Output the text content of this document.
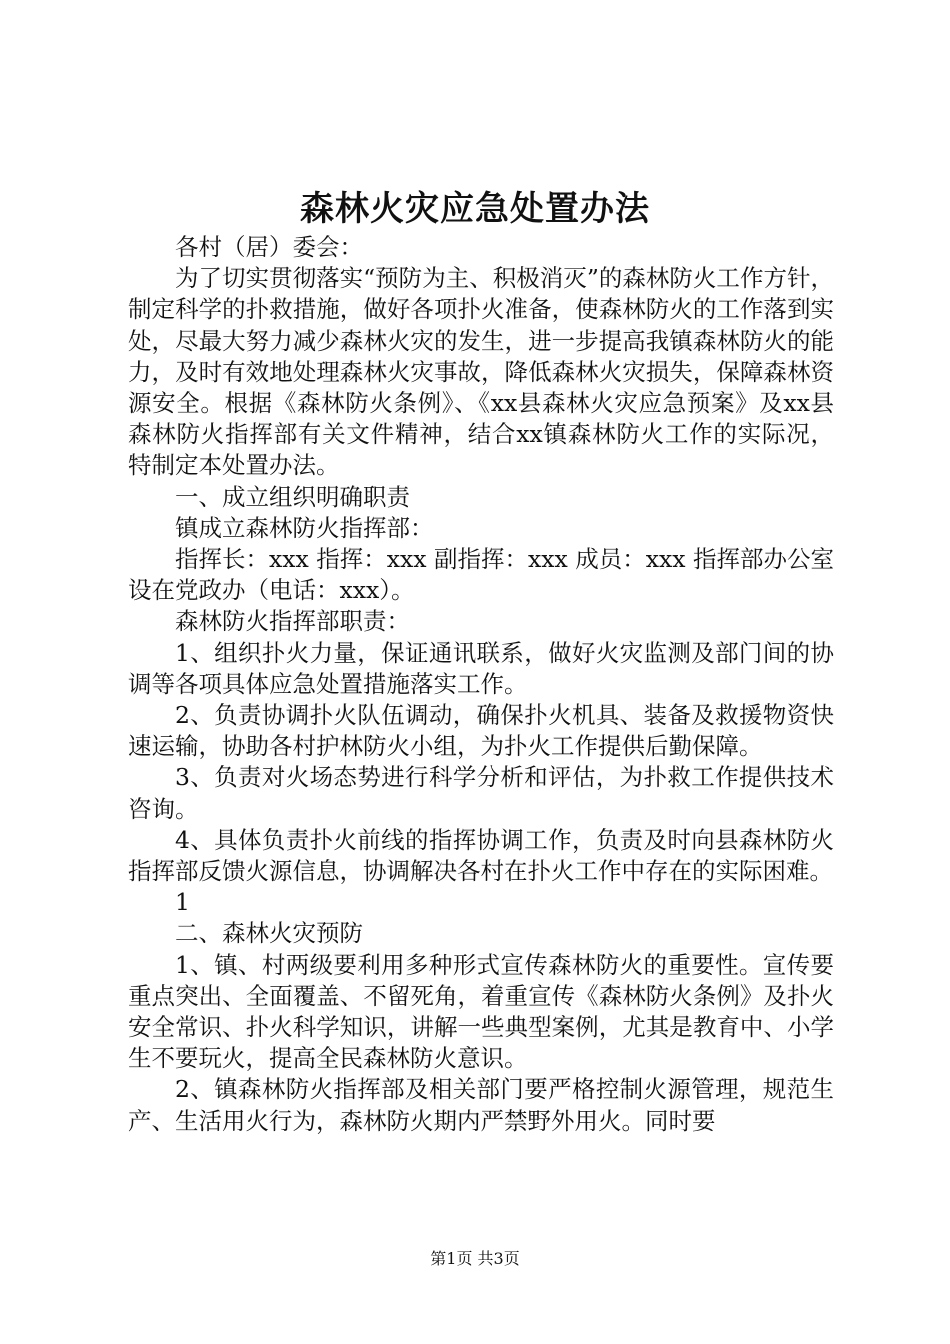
森林火灾应急处置办法

各村（居）委会：

为了切实贯彻落实“预防为主、积极消灭”的森林防火工作方针，制定科学的扑救措施，做好各项扑火准备，使森林防火的工作落到实处，尽最大努力减少森林火灾的发生，进一步提高我镇森林防火的能力，及时有效地处理森林火灾事故，降低森林火灾损失，保障森林资源安全。根据《森林防火条例》、《xx县森林火灾应急预案》及xx县森林防火指挥部有关文件精神，结合xx镇森林防火工作的实际况，特制定本处置办法。

一、成立组织明确职责

镇成立森林防火指挥部：

指挥长：xxx 指挥：xxx 副指挥：xxx 成员：xxx 指挥部办公室设在党政办（电话：xxx）。

森林防火指挥部职责：

1、组织扑火力量，保证通讯联系，做好火灾监测及部门间的协调等各项具体应急处置措施落实工作。

2、负责协调扑火队伍调动，确保扑火机具、装备及救援物资快速运输，协助各村护林防火小组，为扑火工作提供后勤保障。

3、负责对火场态势进行科学分析和评估，为扑救工作提供技术咨询。

4、具体负责扑火前线的指挥协调工作，负责及时向县森林防火指挥部反馈火源信息，协调解决各村在扑火工作中存在的实际困难。

1

二、森林火灾预防

1、镇、村两级要利用多种形式宣传森林防火的重要性。宣传要重点突出、全面覆盖、不留死角，着重宣传《森林防火条例》及扑火安全常识、扑火科学知识，讲解一些典型案例，尤其是教育中、小学生不要玩火，提高全民森林防火意识。

2、镇森林防火指挥部及相关部门要严格控制火源管理，规范生产、生活用火行为，森林防火期内严禁野外用火。同时要

第1页 共3页
